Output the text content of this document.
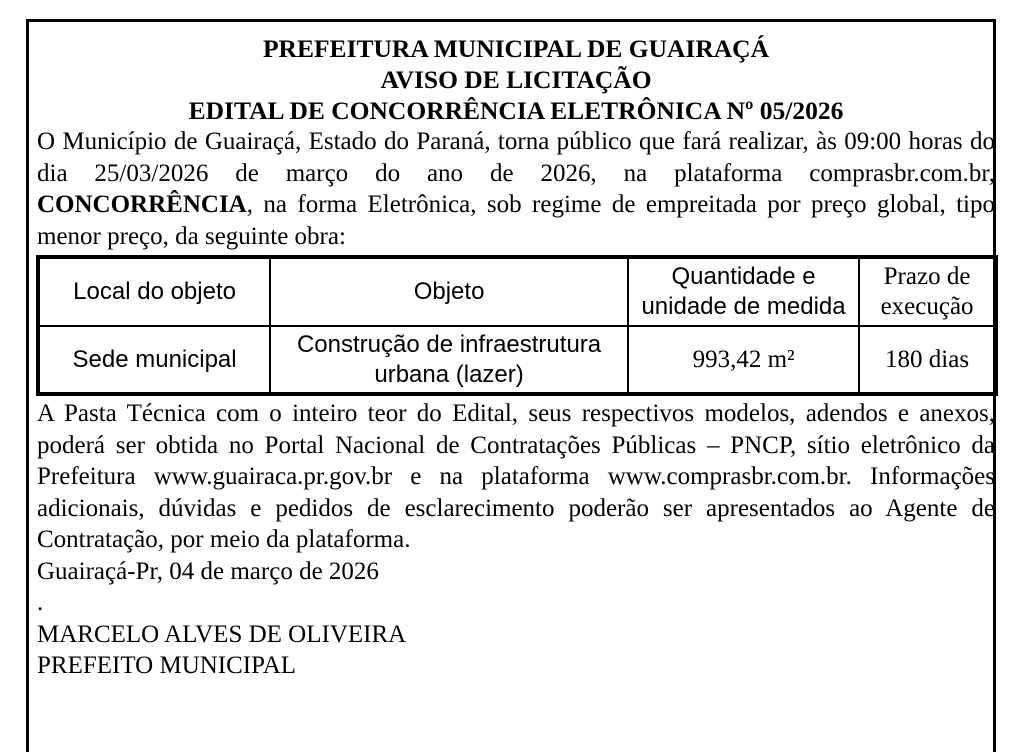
PREFEITURA MUNICIPAL DE GUAIRAÇÁ
AVISO DE LICITAÇÃO
EDITAL DE CONCORRÊNCIA ELETRÔNICA Nº 05/2026
O Município de Guairaçá, Estado do Paraná, torna público que fará realizar, às 09:00 horas do dia 25/03/2026 de março do ano de 2026, na plataforma comprasbr.com.br, CONCORRÊNCIA, na forma Eletrônica, sob regime de empreitada por preço global, tipo menor preço, da seguinte obra:
Local do objeto	Objeto	Quantidade e unidade de medida	Prazo de execução
Sede municipal	Construção de infraestrutura urbana (lazer)	993,42 m²	180 dias
A Pasta Técnica com o inteiro teor do Edital, seus respectivos modelos, adendos e anexos, poderá ser obtida no Portal Nacional de Contratações Públicas – PNCP, sítio eletrônico da Prefeitura www.guairaca.pr.gov.br e na plataforma www.comprasbr.com.br. Informações adicionais, dúvidas e pedidos de esclarecimento poderão ser apresentados ao Agente de Contratação, por meio da plataforma.
Guairaçá-Pr, 04 de março de 2026
.
MARCELO ALVES DE OLIVEIRA
PREFEITO MUNICIPAL
